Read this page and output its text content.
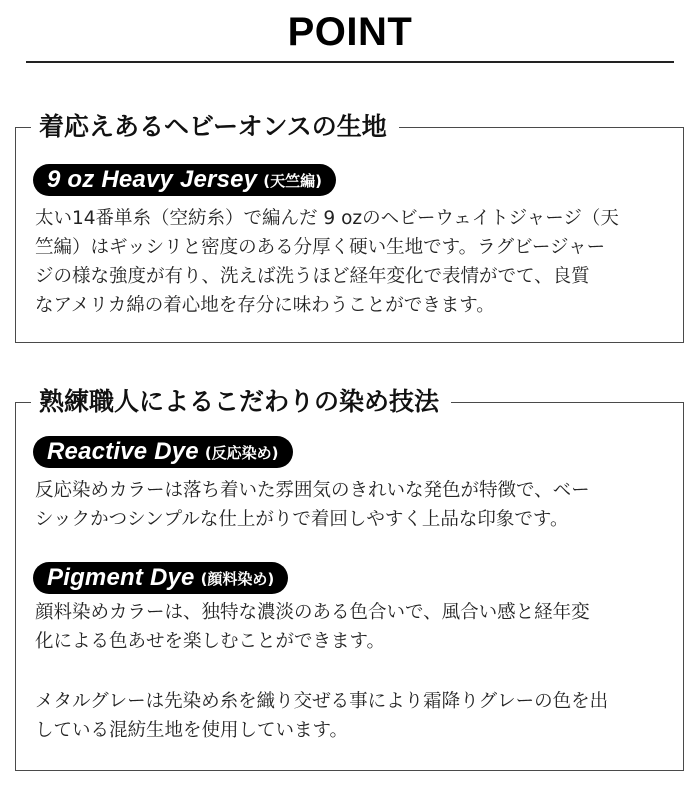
POINT
着応えあるヘビーオンスの生地
9 oz Heavy Jersey (天竺編)
太い14番単糸（空紡糸）で編んだ 9 ozのヘビーウェイトジャージ（天
竺編）はギッシリと密度のある分厚く硬い生地です。ラグビージャー
ジの様な強度が有り、洗えば洗うほど経年変化で表情がでて、良質
なアメリカ綿の着心地を存分に味わうことができます。
熟練職人によるこだわりの染め技法
Reactive Dye (反応染め)
反応染めカラーは落ち着いた雰囲気のきれいな発色が特徴で、ベー
シックかつシンプルな仕上がりで着回しやすく上品な印象です。
Pigment Dye (顔料染め)
顔料染めカラーは、独特な濃淡のある色合いで、風合い感と経年変
化による色あせを楽しむことができます。
メタルグレーは先染め糸を織り交ぜる事により霜降りグレーの色を出
している混紡生地を使用しています。
